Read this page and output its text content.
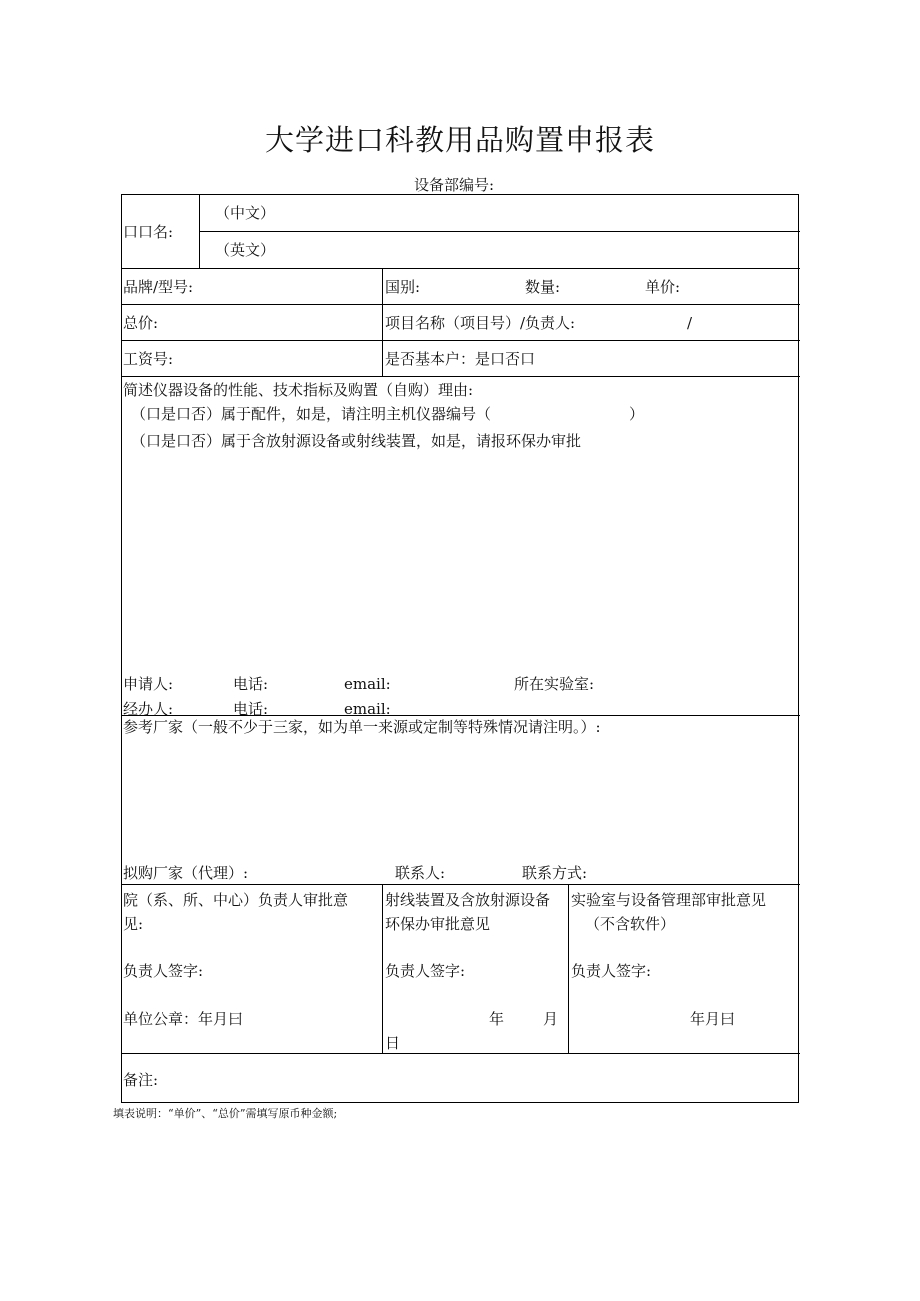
大学进口科教用品购置申报表
设备部编号:
口口名:
（中文）
（英文）
品牌/型号:	国别:	数量:	单价:
总价:	项目名称（项目号）/负责人:	/
工资号:	是否基本户：是口否口
简述仪器设备的性能、技术指标及购置（自购）理由:
（口是口否）属于配件，如是，请注明主机仪器编号（	）
（口是口否）属于含放射源设备或射线装置，如是，请报环保办审批
申请人:	电话:	email:	所在实验室:
经办人:	电话:	email:
参考厂家（一般不少于三家，如为单一来源或定制等特殊情况请注明。）:
拟购厂家（代理）:	联系人:	联系方式:
院（系、所、中心）负责人审批意
见:
负责人签字:
单位公章：年月曰
射线装置及含放射源设备
环保办审批意见
负责人签字:
年	月
日
实验室与设备管理部审批意见
（不含软件）
负责人签字:
年月曰
备注:
填表说明：“单价”、“总价”需填写原币种金额;
